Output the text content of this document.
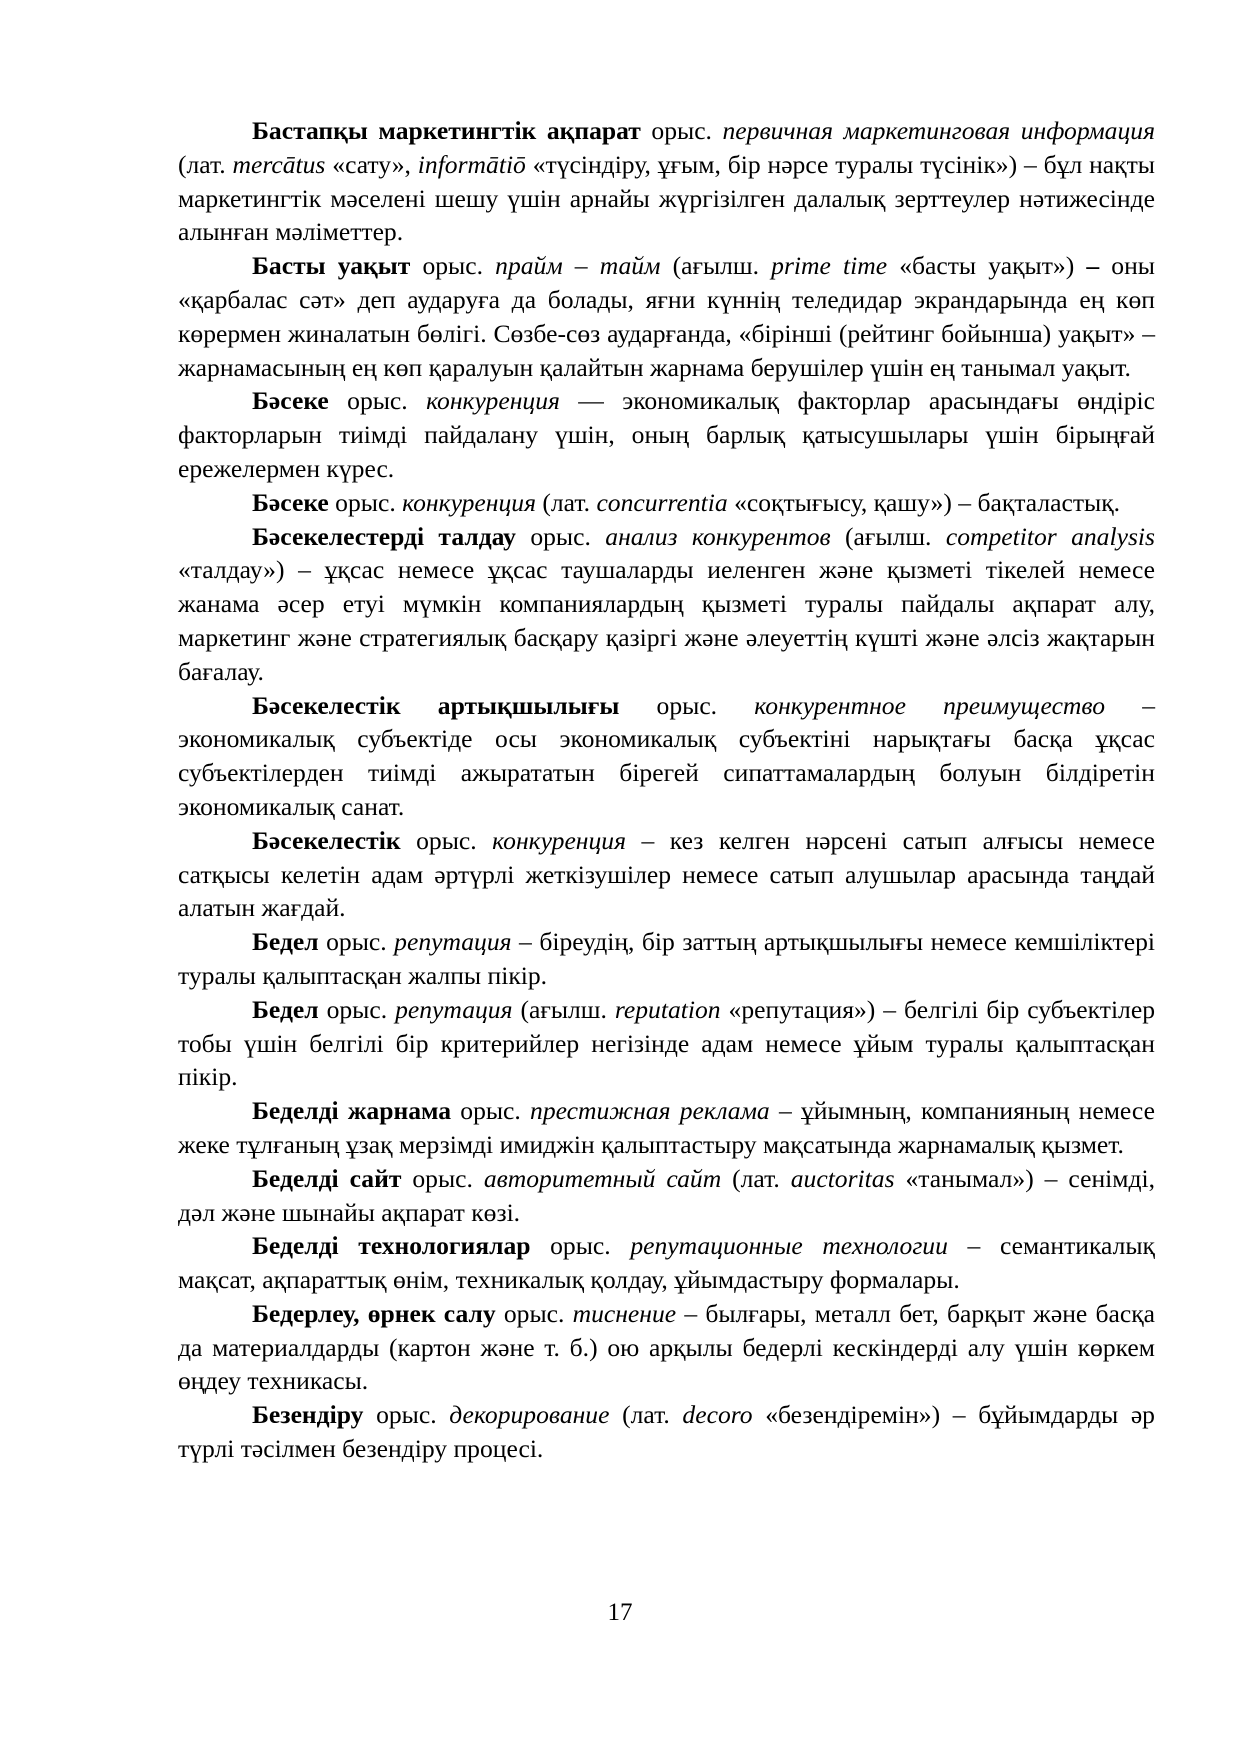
Бастапқы маркетингтік ақпарат орыс. первичная маркетинговая информация (лат. mercātus «сату», informātiō «түсіндіру, ұғым, бір нәрсе туралы түсінік») – бұл нақты маркетингтік мәселені шешу үшін арнайы жүргізілген далалық зерттеулер нәтижесінде алынған мәліметтер.

Басты уақыт орыс. прайм – тайм (ағылш. prime time «басты уақыт») – оны «қарбалас сәт» деп аударуға да болады, яғни күннің теледидар экрандарында ең көп көрермен жиналатын бөлігі. Сөзбе-сөз аударғанда, «бірінші (рейтинг бойынша) уақыт» – жарнамасының ең көп қаралуын қалайтын жарнама берушілер үшін ең танымал уақыт.

Бәсеке орыс. конкуренция — экономикалық факторлар арасындағы өндіріс факторларын тиімді пайдалану үшін, оның барлық қатысушылары үшін бірыңғай ережелермен күрес.

Бәсеке орыс. конкуренция (лат. concurrentia «соқтығысу, қашу») – бақталастық.

Бәсекелестерді талдау орыс. анализ конкурентов (ағылш. competitor analysis «талдау») – ұқсас немесе ұқсас таушаларды иеленген және қызметі тікелей немесе жанама әсер етуі мүмкін компаниялардың қызметі туралы пайдалы ақпарат алу, маркетинг және стратегиялық басқару қазіргі және әлеуеттің күшті және әлсіз жақтарын бағалау.

Бәсекелестік артықшылығы орыс. конкурентное преимущество – экономикалық субъектіде осы экономикалық субъектіні нарықтағы басқа ұқсас субъектілерден тиімді ажырататын бірегей сипаттамалардың болуын білдіретін экономикалық санат.

Бәсекелестік орыс. конкуренция – кез келген нәрсені сатып алғысы немесе сатқысы келетін адам әртүрлі жеткізушілер немесе сатып алушылар арасында таңдай алатын жағдай.

Бедел орыс. репутация – біреудің, бір заттың артықшылығы немесе кемшіліктері туралы қалыптасқан жалпы пікір.

Бедел орыс. репутация (ағылш. reputation «репутация») – белгілі бір субъектілер тобы үшін белгілі бір критерийлер негізінде адам немесе ұйым туралы қалыптасқан пікір.

Беделді жарнама орыс. престижная реклама – ұйымның, компанияның немесе жеке тұлғаның ұзақ мерзімді имиджін қалыптастыру мақсатында жарнамалық қызмет.

Беделді сайт орыс. авторитетный сайт (лат. auctoritas «танымал») – сенімді, дәл және шынайы ақпарат көзі.

Беделді технологиялар орыс. репутационные технологии – семантикалық мақсат, ақпараттық өнім, техникалық қолдау, ұйымдастыру формалары.

Бедерлеу, өрнек салу орыс. тиснение – былғары, металл бет, барқыт және басқа да материалдарды (картон және т. б.) ою арқылы бедерлі кескіндерді алу үшін көркем өңдеу техникасы.

Безендіру орыс. декорирование (лат. decoro «безендіремін») – бұйымдарды әр түрлі тәсілмен безендіру процесі.

17
